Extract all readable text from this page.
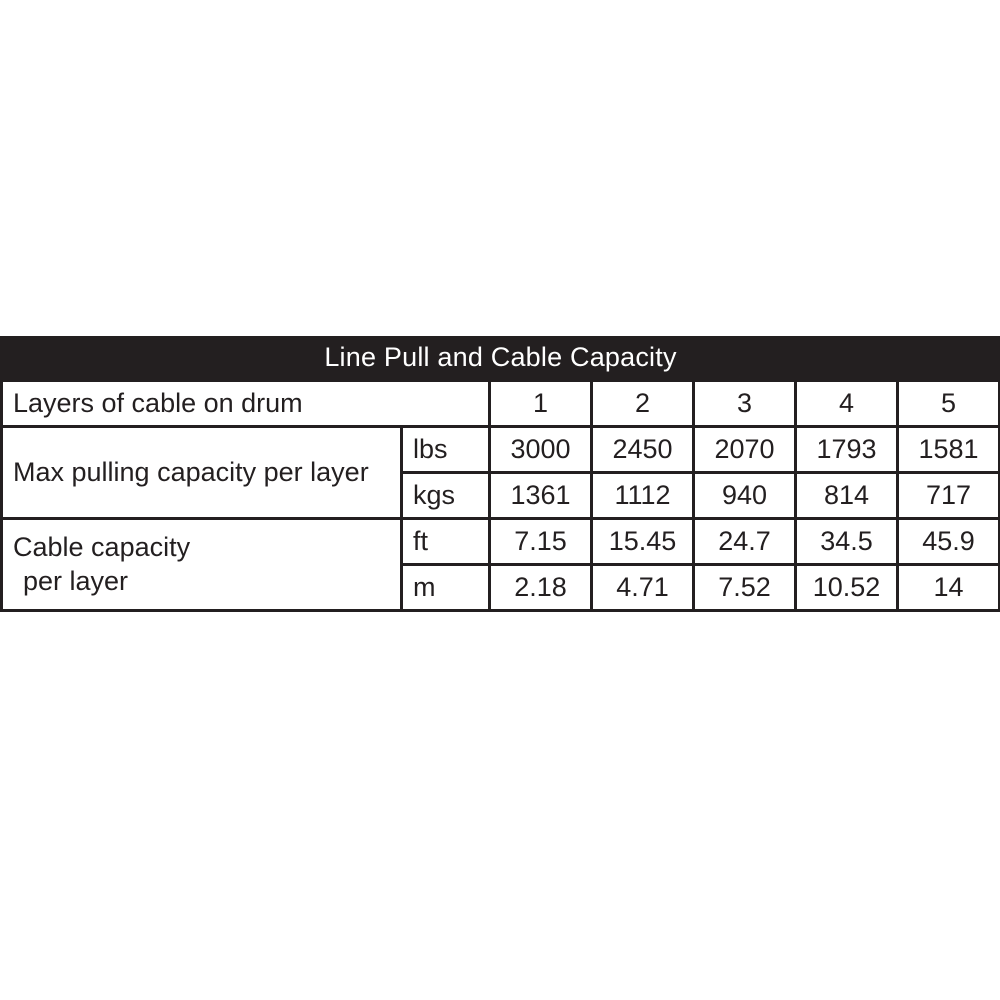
Line Pull and Cable Capacity						
Layers of cable on drum		1	2	3	4	5
Max pulling capacity per layer	lbs	3000	2450	2070	1793	1581
	kgs	1361	1112	940	814	717
Cable capacity
per layer	ft	7.15	15.45	24.7	34.5	45.9
	m	2.18	4.71	7.52	10.52	14
